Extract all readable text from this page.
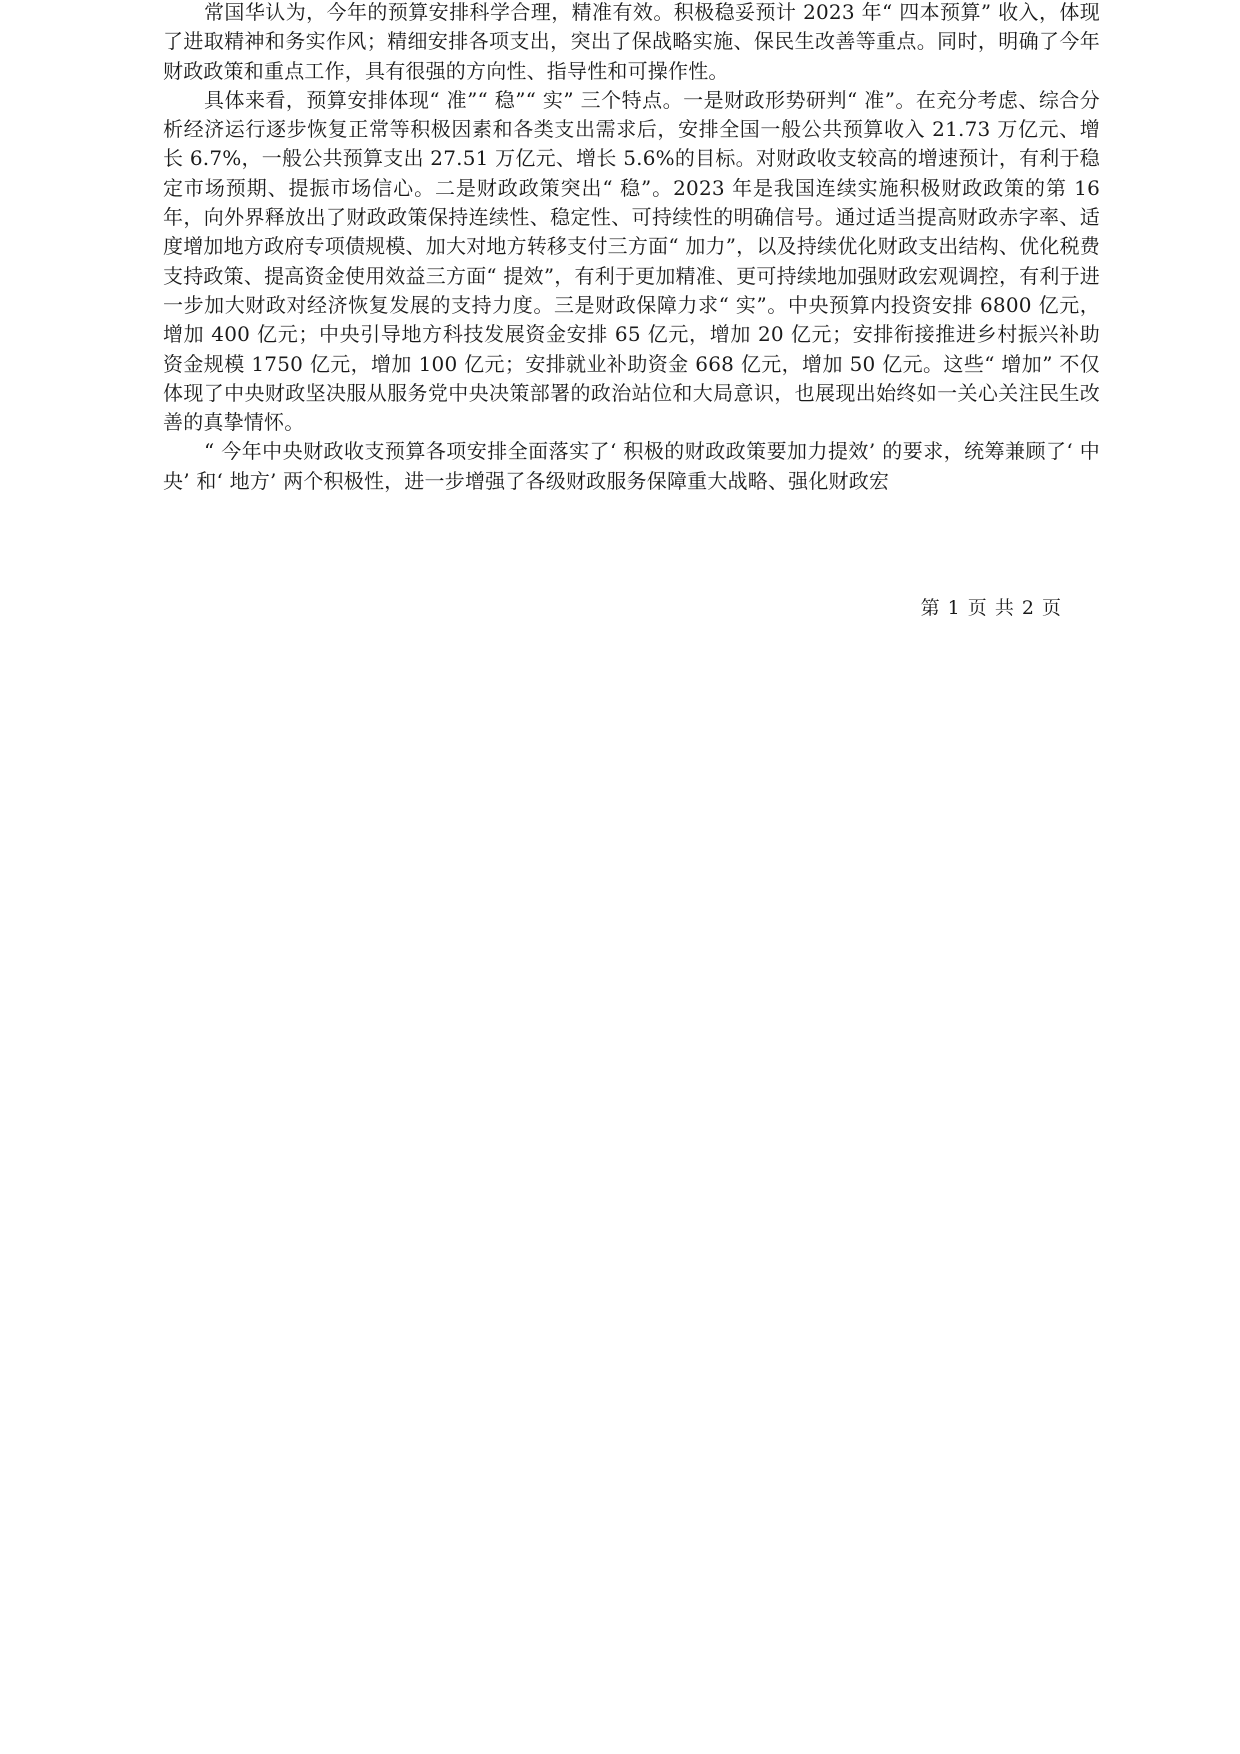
常国华认为，今年的预算安排科学合理，精准有效。积极稳妥预计 2023 年“ 四本预算” 收入，体现了进取精神和务实作风；精细安排各项支出，突出了保战略实施、保民生改善等重点。同时，明确了今年财政政策和重点工作，具有很强的方向性、指导性和可操作性。

具体来看，预算安排体现“ 准”“ 稳”“ 实” 三个特点。一是财政形势研判“ 准”。在充分考虑、综合分析经济运行逐步恢复正常等积极因素和各类支出需求后，安排全国一般公共预算收入 21.73 万亿元、增长 6.7%，一般公共预算支出 27.51 万亿元、增长 5.6%的目标。对财政收支较高的增速预计，有利于稳定市场预期、提振市场信心。二是财政政策突出“ 稳”。2023 年是我国连续实施积极财政政策的第 16 年，向外界释放出了财政政策保持连续性、稳定性、可持续性的明确信号。通过适当提高财政赤字率、适度增加地方政府专项债规模、加大对地方转移支付三方面“ 加力”，以及持续优化财政支出结构、优化税费支持政策、提高资金使用效益三方面“ 提效”，有利于更加精准、更可持续地加强财政宏观调控，有利于进一步加大财政对经济恢复发展的支持力度。三是财政保障力求“ 实”。中央预算内投资安排 6800 亿元，增加 400 亿元；中央引导地方科技发展资金安排 65 亿元，增加 20 亿元；安排衔接推进乡村振兴补助资金规模 1750 亿元，增加 100 亿元；安排就业补助资金 668 亿元，增加 50 亿元。这些“ 增加” 不仅体现了中央财政坚决服从服务党中央决策部署的政治站位和大局意识，也展现出始终如一关心关注民生改善的真挚情怀。

“ 今年中央财政收支预算各项安排全面落实了‘ 积极的财政政策要加力提效’ 的要求，统筹兼顾了‘ 中央’ 和‘ 地方’ 两个积极性，进一步增强了各级财政服务保障重大战略、强化财政宏

第 1 页 共 2 页
